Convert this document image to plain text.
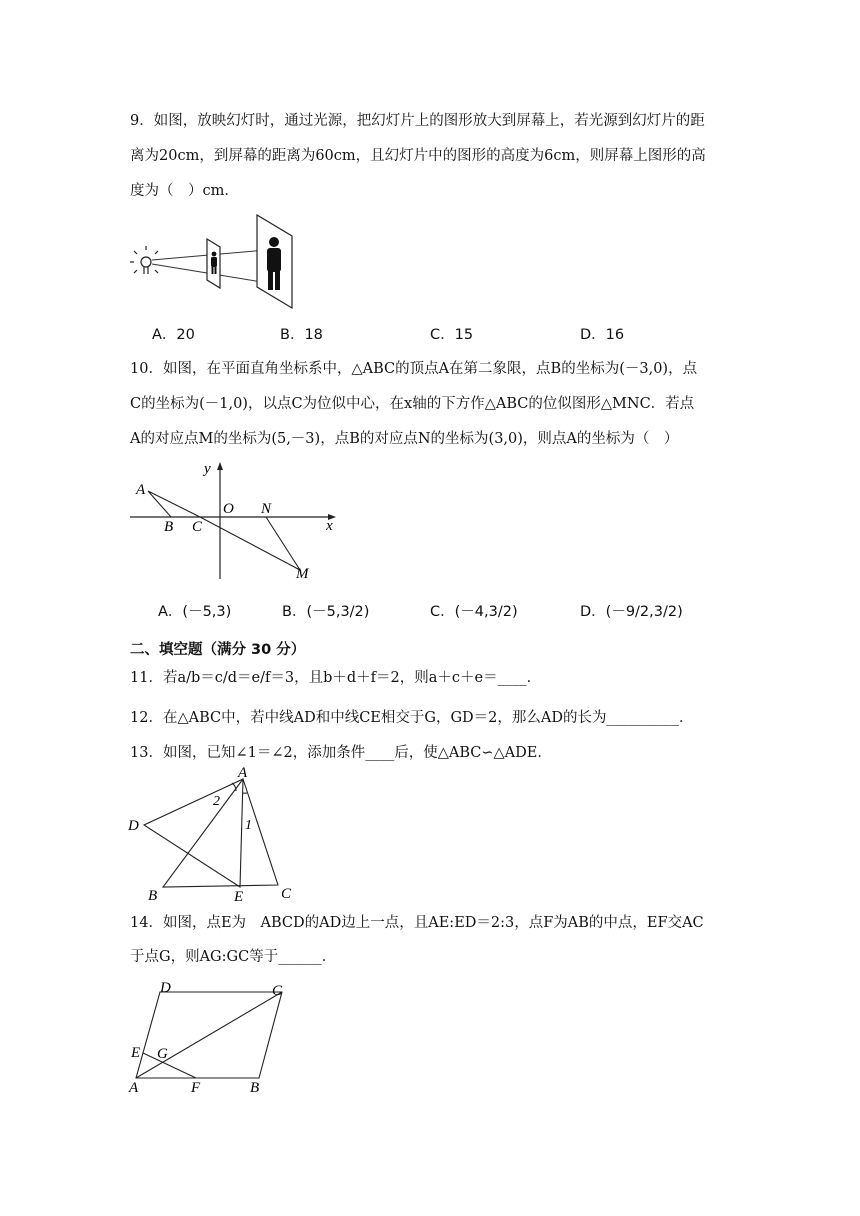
9．如图，放映幻灯时，通过光源，把幻灯片上的图形放大到屏幕上，若光源到幻灯片的距
离为20cm，到屏幕的距离为60cm，且幻灯片中的图形的高度为6cm，则屏幕上图形的高
度为（　）cm．
A．20	B．18	C．15	D．16
10．如图，在平面直角坐标系中，△ABC的顶点A在第二象限，点B的坐标为(－3,0)，点
C的坐标为(－1,0)，以点C为位似中心，在x轴的下方作△ABC的位似图形△MNC．若点
A的对应点M的坐标为(5,－3)，点B的对应点N的坐标为(3,0)，则点A的坐标为（　）
A
B C
O N
M
x
y
A．(－5,3)	B．(－5,3/2)	C．(－4,3/2)	D．(－9/2,3/2)
二、填空题（满分 30 分）
11．若a/b＝c/d＝e/f＝3，且b＋d＋f＝2，则a＋c＋e＝____．
12．在△ABC中，若中线AD和中线CE相交于G，GD＝2，那么AD的长为__________．
13．如图，已知∠1＝∠2，添加条件____后，使△ABC∽△ADE．
A
D
B	E	C
1
2
14．如图，点E为　ABCD的AD边上一点，且AE:ED＝2:3，点F为AB的中点，EF交AC
于点G，则AG:GC等于______．
D	C
E G
A	F	B
